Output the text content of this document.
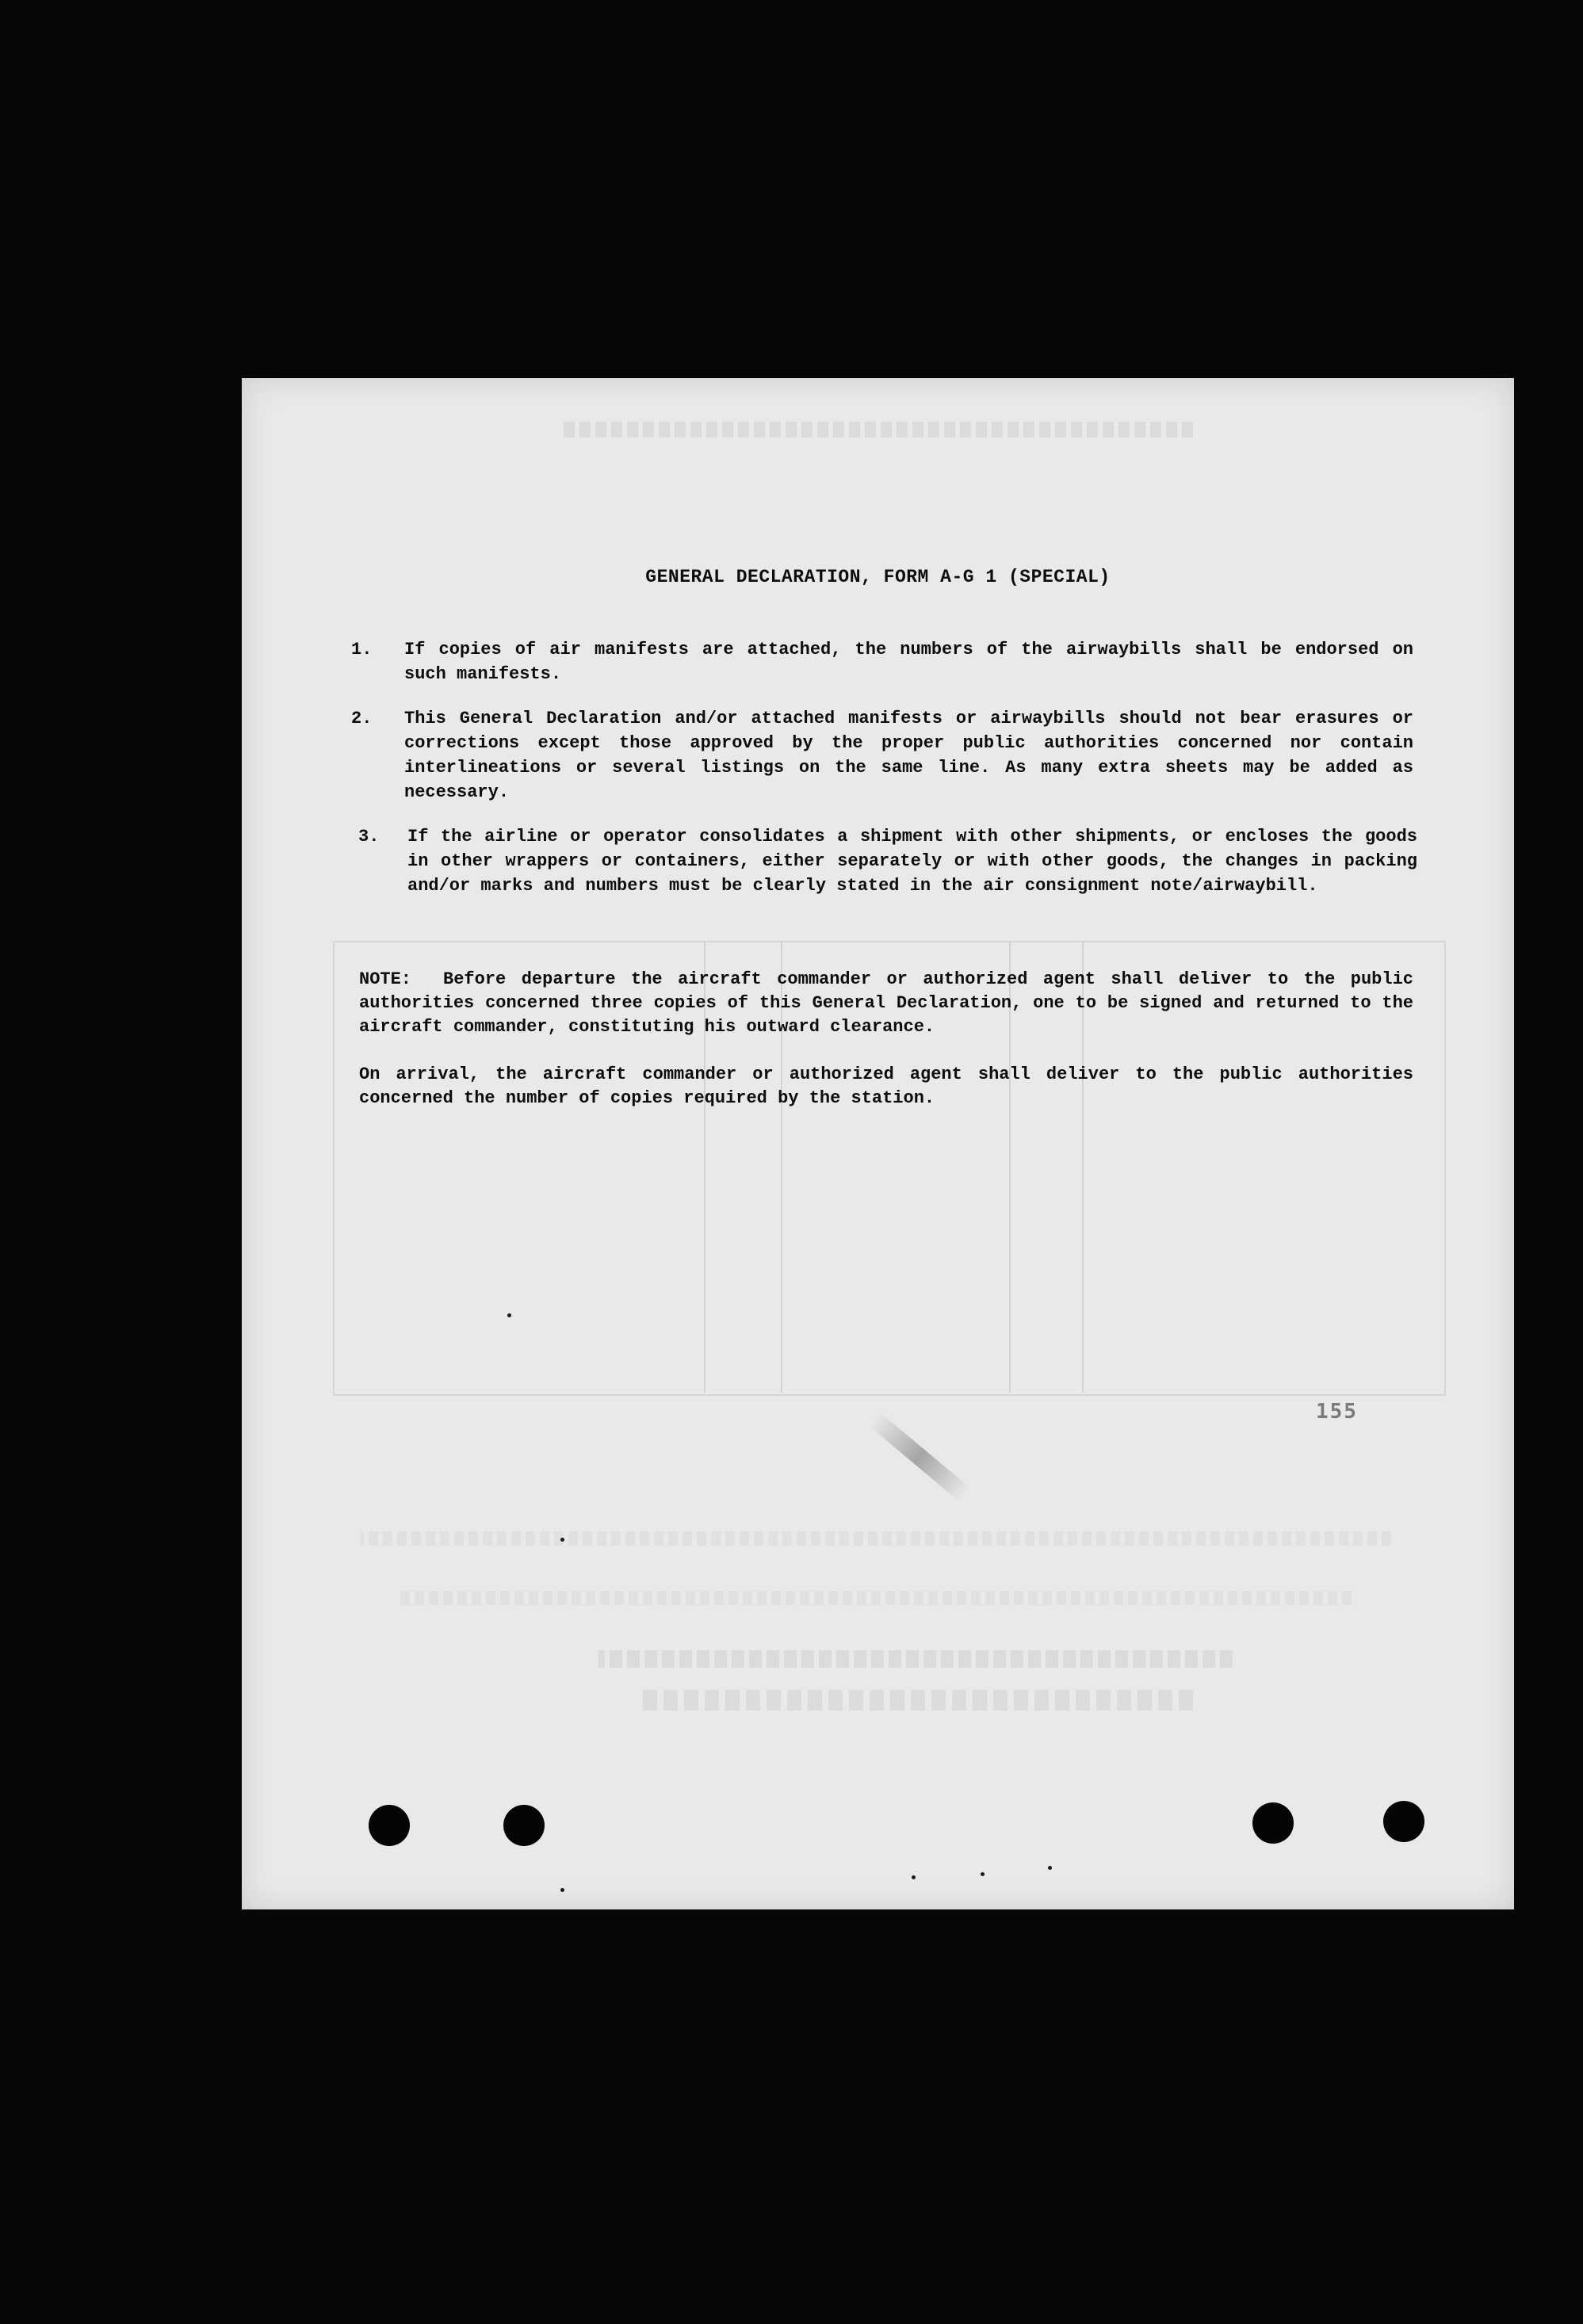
GENERAL DECLARATION, FORM A-G 1 (SPECIAL)
1. If copies of air manifests are attached, the numbers of the airwaybills shall be endorsed on such manifests.
2. This General Declaration and/or attached manifests or airwaybills should not bear erasures or corrections except those approved by the proper public authorities concerned nor contain interlineations or several listings on the same line. As many extra sheets may be added as necessary.
3. If the airline or operator consolidates a shipment with other shipments, or encloses the goods in other wrappers or containers, either separately or with other goods, the changes in packing and/or marks and numbers must be clearly stated in the air consignment note/airwaybill.
NOTE: Before departure the aircraft commander or authorized agent shall deliver to the public authorities concerned three copies of this General Declaration, one to be signed and returned to the aircraft commander, constituting his outward clearance.
On arrival, the aircraft commander or authorized agent shall deliver to the public authorities concerned the number of copies required by the station.
155
